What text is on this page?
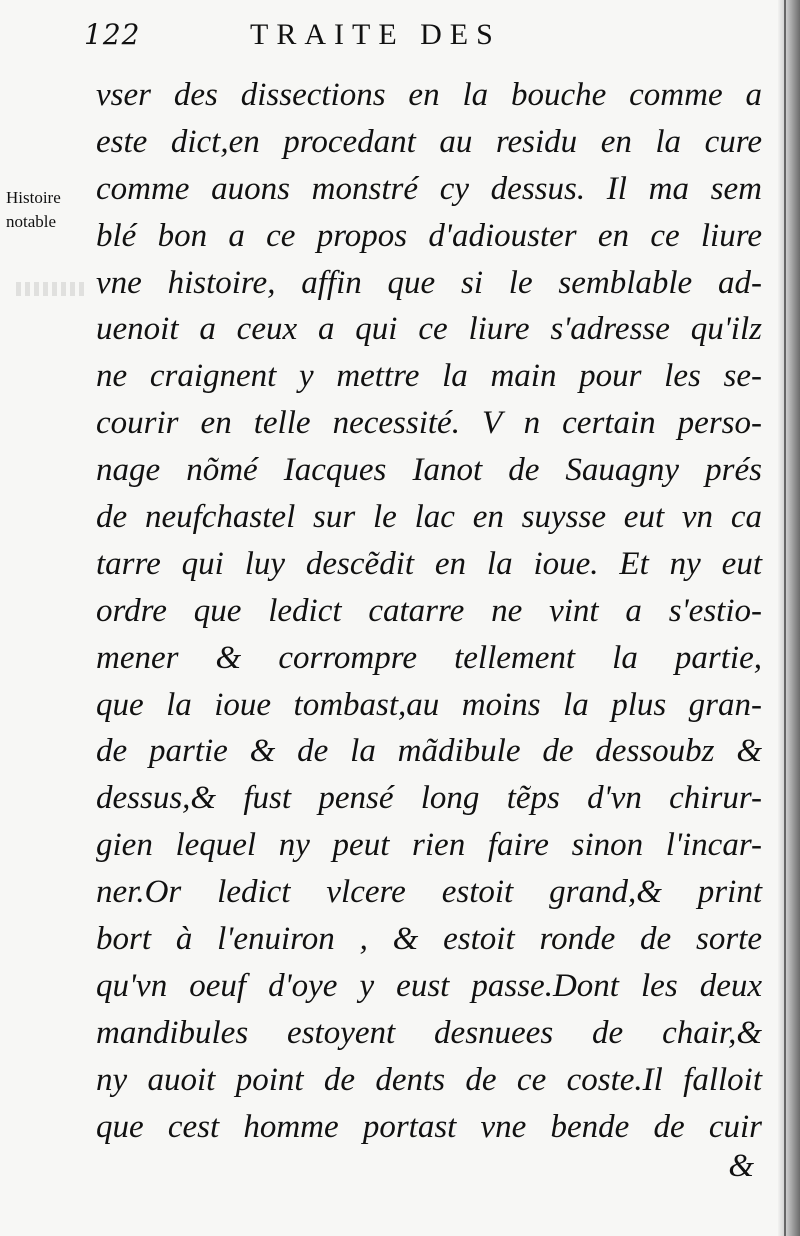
122	TRAITE DES
Histoire
notable
vser des dissections en la bouche comme a
este dict,en procedant au residu en la cure
comme auons monstré cy dessus. Il ma sem
blé bon a ce propos d'adiouster en ce liure
vne histoire, affin que si le semblable ad-
uenoit a ceux a qui ce liure s'adresse qu'ilz
ne craignent y mettre la main pour les se-
courir en telle necessité. V n certain perso-
nage nõmé Iacques Ianot de Sauagny prés
de neufchastel sur le lac en suysse eut vn ca
tarre qui luy descẽdit en la ioue. Et ny eut
ordre que ledict catarre ne vint a s'estio-
mener & corrompre tellement la partie,
que la ioue tombast,au moins la plus gran-
de partie & de la mãdibule de dessoubz &
dessus,& fust pensé long tẽps d'vn chirur-
gien lequel ny peut rien faire sinon l'incar-
ner.Or ledict vlcere estoit grand,& print
bort à l'enuiron , & estoit ronde de sorte
qu'vn oeuf d'oye y eust passe.Dont les deux
mandibules estoyent desnuees de chair,&
ny auoit point de dents de ce coste.Il falloit
que cest homme portast vne bende de cuir
&
